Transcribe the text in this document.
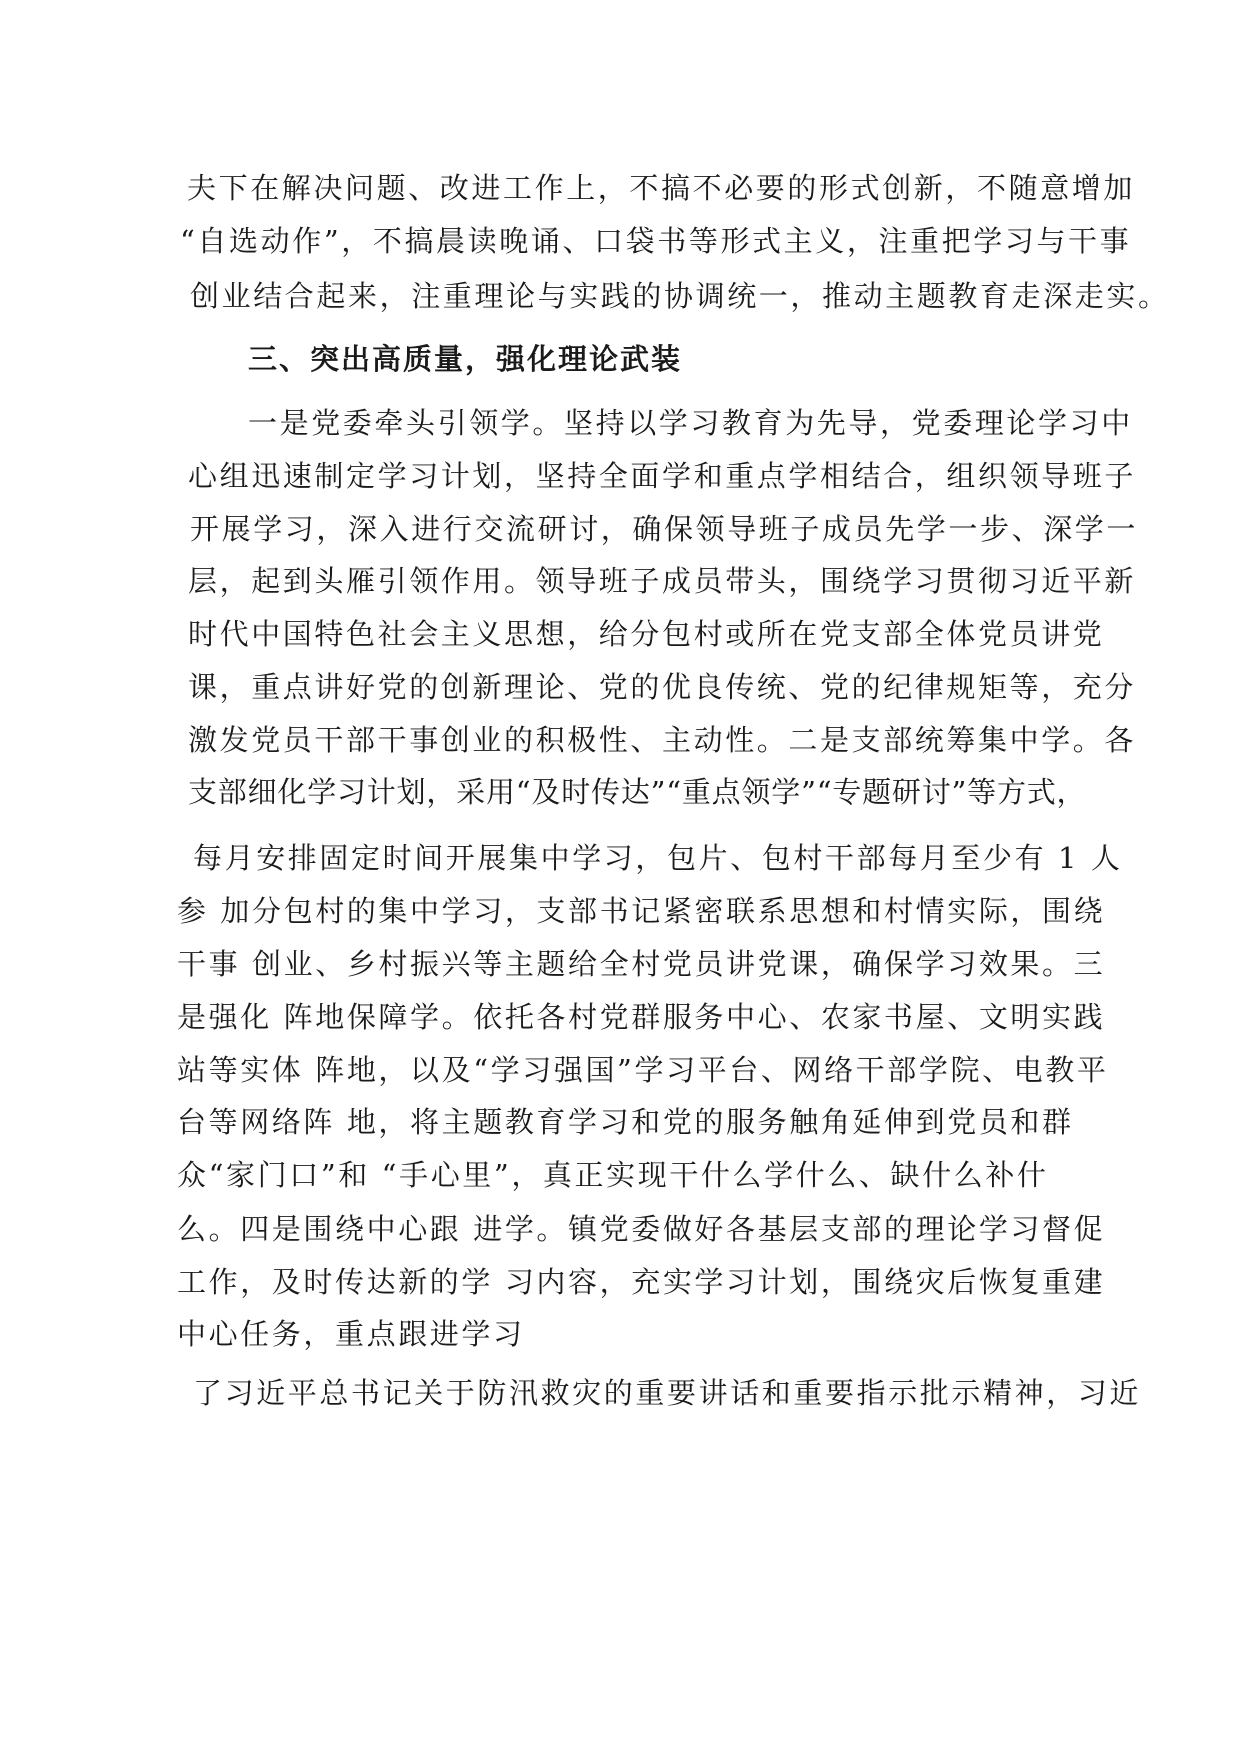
夫下在解决问题、改进工作上，不搞不必要的形式创新，不随意增加
“自选动作”，不搞晨读晚诵、口袋书等形式主义，注重把学习与干事
创业结合起来，注重理论与实践的协调统一，推动主题教育走深走实。
三、突出高质量，强化理论武装
一是党委牵头引领学。坚持以学习教育为先导，党委理论学习中
心组迅速制定学习计划，坚持全面学和重点学相结合，组织领导班子
开展学习，深入进行交流研讨，确保领导班子成员先学一步、深学一
层，起到头雁引领作用。领导班子成员带头，围绕学习贯彻习近平新
时代中国特色社会主义思想，给分包村或所在党支部全体党员讲党
课，重点讲好党的创新理论、党的优良传统、党的纪律规矩等，充分
激发党员干部干事创业的积极性、主动性。二是支部统筹集中学。各
支部细化学习计划，采用“及时传达”“重点领学”“专题研讨”等方式，
每月安排固定时间开展集中学习，包片、包村干部每月至少有 1 人
参 加分包村的集中学习，支部书记紧密联系思想和村情实际，围绕
干事 创业、乡村振兴等主题给全村党员讲党课，确保学习效果。三
是强化 阵地保障学。依托各村党群服务中心、农家书屋、文明实践
站等实体 阵地，以及“学习强国”学习平台、网络干部学院、电教平
台等网络阵 地，将主题教育学习和党的服务触角延伸到党员和群
众“家门口”和 “手心里”，真正实现干什么学什么、缺什么补什
么。四是围绕中心跟 进学。镇党委做好各基层支部的理论学习督促
工作，及时传达新的学 习内容，充实学习计划，围绕灾后恢复重建
中心任务，重点跟进学习
了习近平总书记关于防汛救灾的重要讲话和重要指示批示精神，习近
